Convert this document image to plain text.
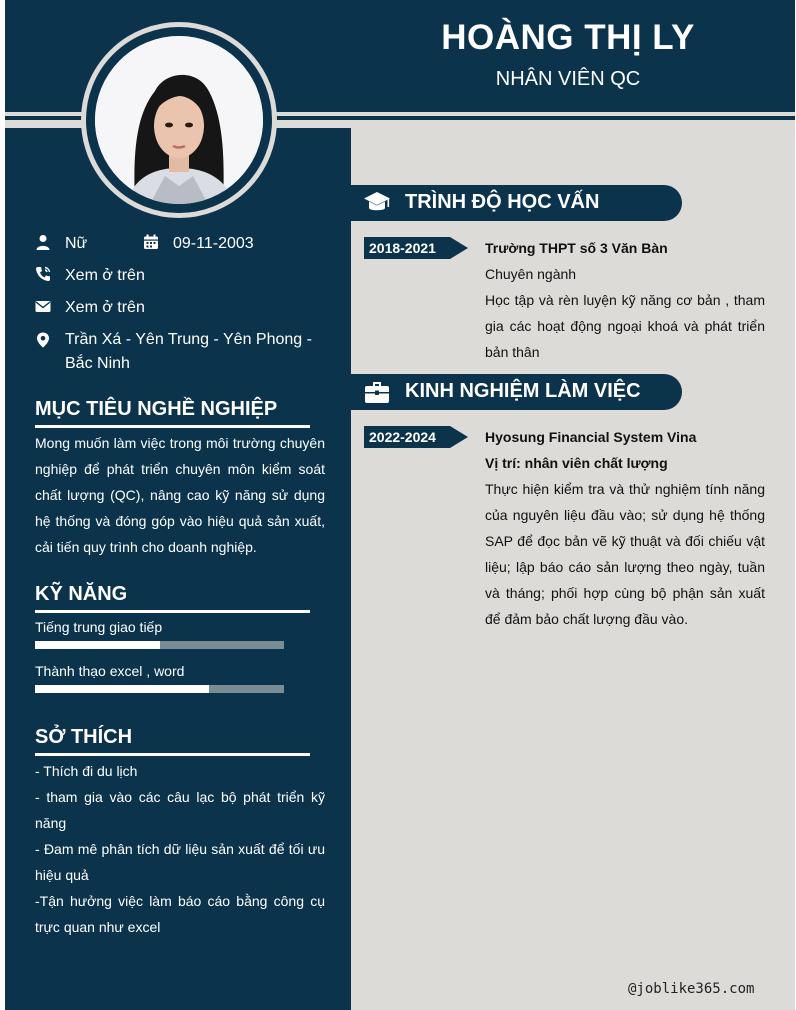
HOÀNG THỊ LY
NHÂN VIÊN QC
Nữ	09-11-2003
Xem ở trên
Xem ở trên
Trần Xá - Yên Trung - Yên Phong - Bắc Ninh
MỤC TIÊU NGHỀ NGHIỆP
Mong muốn làm việc trong môi trường chuyên nghiệp để phát triển chuyên môn kiểm soát chất lượng (QC), nâng cao kỹ năng sử dụng hệ thống và đóng góp vào hiệu quả sản xuất, cải tiến quy trình cho doanh nghiệp.
KỸ NĂNG
Tiếng trung giao tiếp
Thành thạo excel , word
SỞ THÍCH
- Thích đi du lịch
- tham gia vào các câu lạc bộ phát triển kỹ năng
- Đam mê phân tích dữ liệu sản xuất để tối ưu hiệu quả
-Tận hưởng việc làm báo cáo bằng công cụ trực quan như excel
TRÌNH ĐỘ HỌC VẤN
2018-2021	Trường THPT số 3 Văn Bàn
Chuyên ngành
Học tập và rèn luyện kỹ năng cơ bản , tham gia các hoạt động ngoại khoá và phát triển bản thân
KINH NGHIỆM LÀM VIỆC
2022-2024	Hyosung Financial System Vina
Vị trí: nhân viên chất lượng
Thực hiện kiểm tra và thử nghiệm tính năng của nguyên liệu đầu vào; sử dụng hệ thống SAP để đọc bản vẽ kỹ thuật và đối chiếu vật liệu; lập báo cáo sản lượng theo ngày, tuần và tháng; phối hợp cùng bộ phận sản xuất để đảm bảo chất lượng đầu vào.
@joblike365.com
